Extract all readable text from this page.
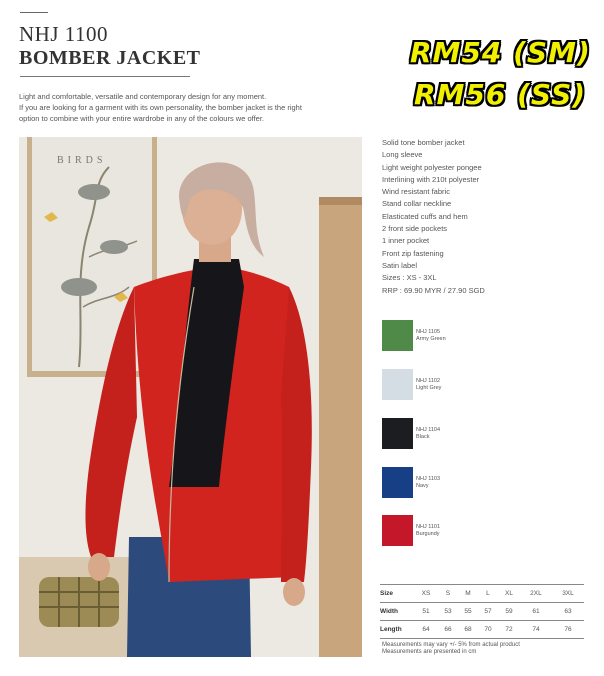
NHJ 1100
BOMBER JACKET	RM54 (SM)
RM56 (SS)
Light and comfortable, versatile and contemporary design for any moment.
If you are looking for a garment with its own personality, the bomber jacket is the right
option to combine with your entire wardrobe in any of the colours we offer.
BIRDS
Solid tone bomber jacket
Long sleeve
Light weight polyester pongee
Interlining with 210t polyester
Wind resistant fabric
Stand collar neckline
Elasticated cuffs and hem
2 front side pockets
1 inner pocket
Front zip fastening
Satin label
Sizes : XS - 3XL
RRP : 69.90 MYR / 27.90 SGD
NHJ 1105
Army Green
NHJ 1102
Light Grey
NHJ 1104
Black
NHJ 1103
Navy
NHJ 1101
Burgundy
Size	XS	S	M	L	XL	2XL	3XL
Width	51	53	55	57	59	61	63
Length	64	66	68	70	72	74	76
Measurements may vary +/- 5% from actual product
Measurements are presented in cm
